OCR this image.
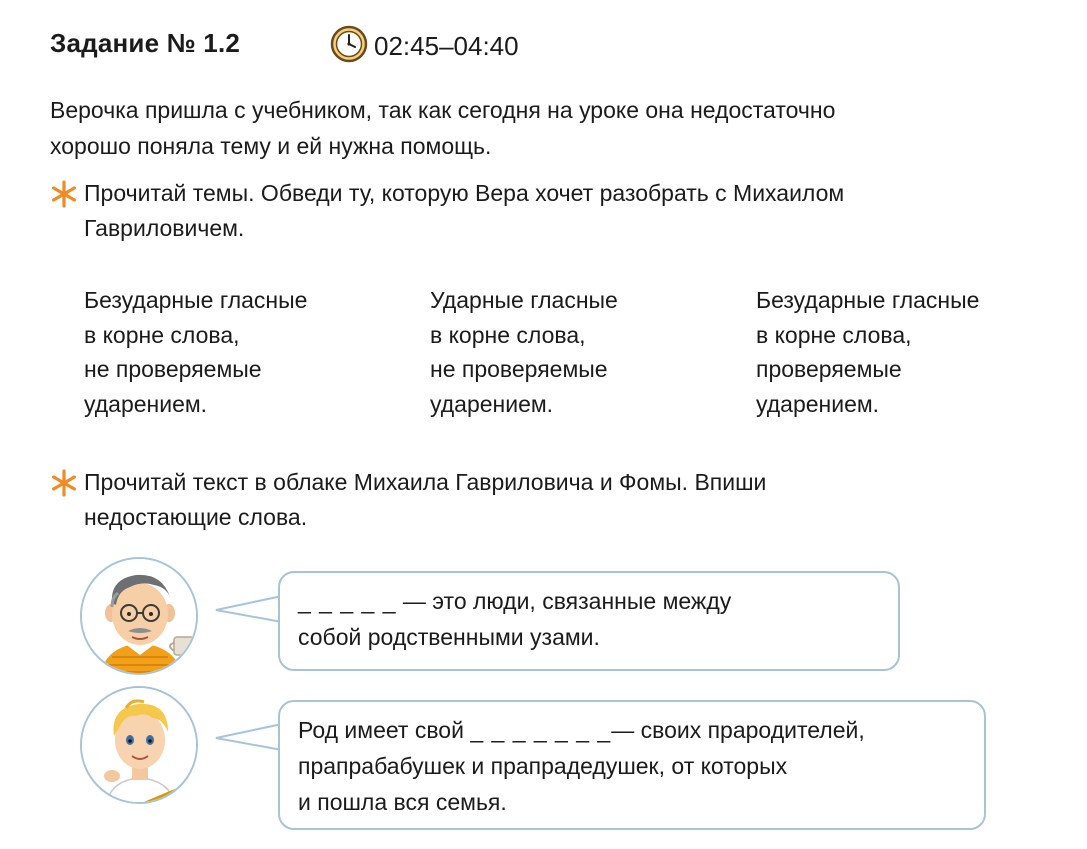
Задание № 1.2	02:45–04:40
Верочка пришла с учебником, так как сегодня на уроке она недостаточно
хорошо поняла тему и ей нужна помощь.
Прочитай темы. Обведи ту, которую Вера хочет разобрать с Михаилом
Гавриловичем.
Безударные гласные
в корне слова,
не проверяемые
ударением.
Ударные гласные
в корне слова,
не проверяемые
ударением.
Безударные гласные
в корне слова,
проверяемые
ударением.
Прочитай текст в облаке Михаила Гавриловича и Фомы. Впиши
недостающие слова.
_ _ _ _ _ — это люди, связанные между
собой родственными узами.
Род имеет свой _ _ _ _ _ _ _— своих прародителей,
прапрабабушек и прапрадедушек, от которых
и пошла вся семья.
